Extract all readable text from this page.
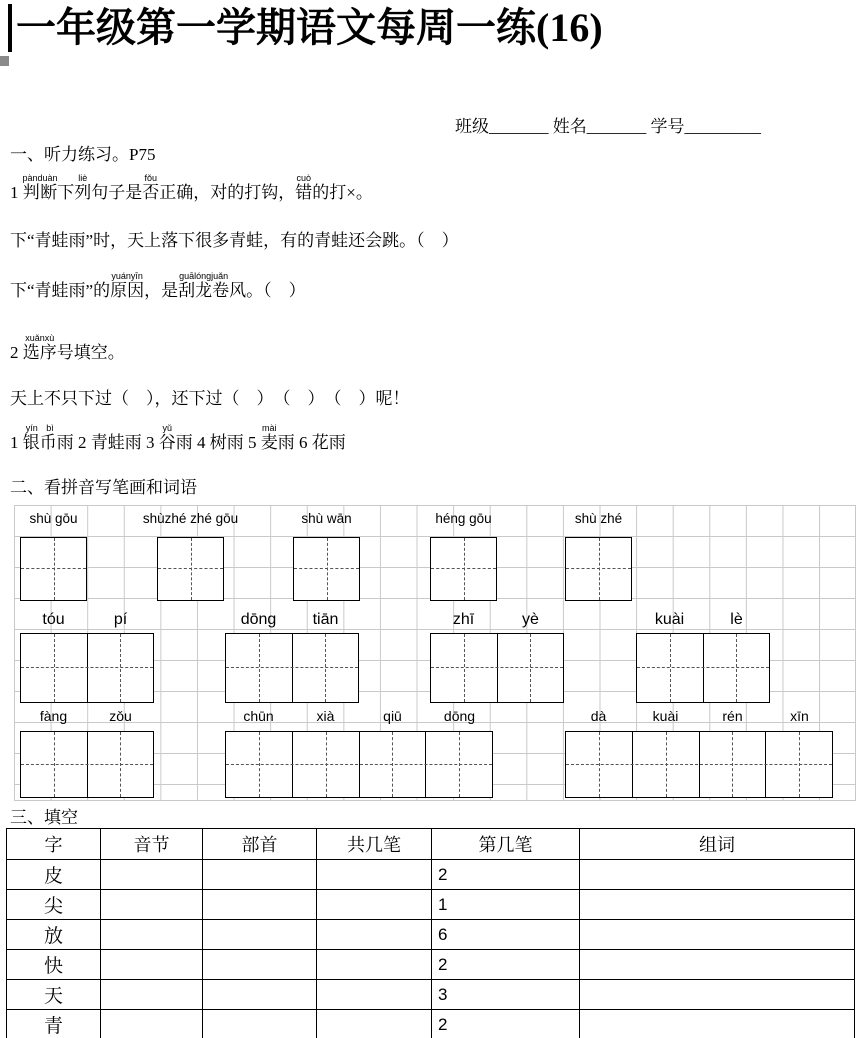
一年级第一学期语文每周一练(16)
班级_______ 姓名_______ 学号_________
一、听力练习。P75
1 判断pànduàn下列liè句子是否fǒu正确，对的打钩，错cuò的打×。
下“青蛙雨”时，天上落下很多青蛙，有的青蛙还会跳。（　）
下“青蛙雨”的原因yuányīn，是刮龙卷guālóngjuǎn风。（　）
2 选序xuǎnxù号填空。
天上不只下过（　），还下过（　）　（　）　（　）呢！
1 银币yín bì雨 2 青蛙雨 3 谷yǔ雨 4 树雨 5 麦mài雨 6 花雨
二、看拼音写笔画和词语
shù gōu	shùzhé zhé gōu	shù wān	héng gōu	shù zhé
tóu	pí	dōng tiān	zhī	yè	kuài	lè
fàng	zǒu	chūn	xià	qiū	dōng	dà	kuài	rén	xīn
三、填空
字	音节	部首	共几笔	第几笔	组词
皮				2	
尖				1	
放				6	
快				2	
天				3	
青				2	
